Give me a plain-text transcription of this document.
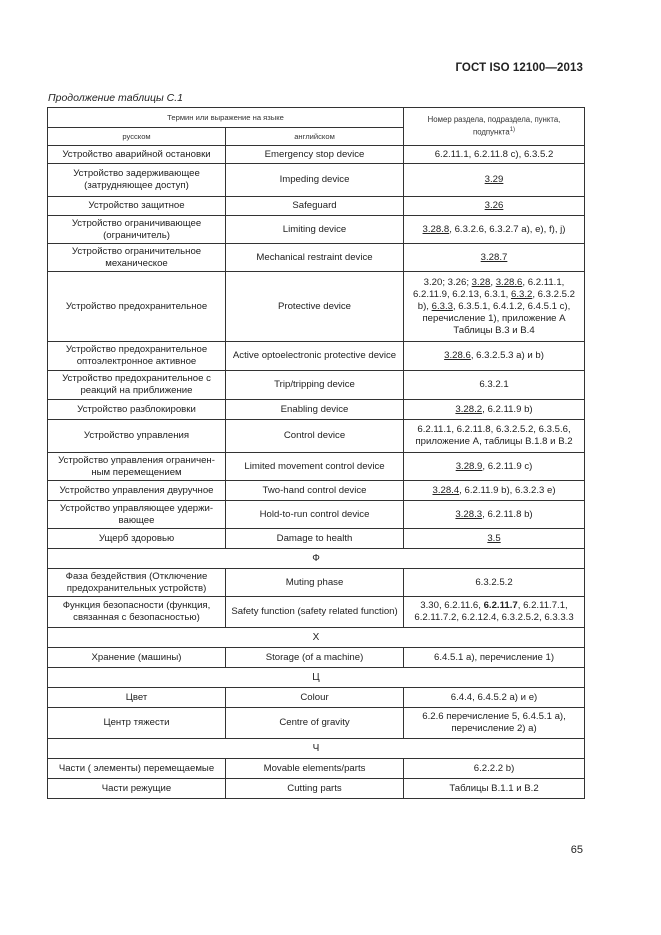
ГОСТ ISO 12100—2013
Продолжение таблицы С.1
Термин или выражение на языке		Номер раздела, подраздела, пункта, подпункта$^{1)}$
русском	английском	
Устройство аварийной остановки	Emergency stop device	6.2.11.1, 6.2.11.8 c), 6.3.5.2
Устройство задерживающее (затрудняющее доступ)	Impeding device	3.29
Устройство защитное	Safeguard	3.26
Устройство ограничивающее (ограничитель)	Limiting device	3.28.8, 6.3.2.6, 6.3.2.7 a), e), f), j)
Устройство ограничительное механическое	Mechanical restraint device	3.28.7
Устройство предохранительное	Protective device	3.20; 3.26; 3.28, 3.28.6, 6.2.11.1, 6.2.11.9, 6.2.13, 6.3.1, 6.3.2, 6.3.2.5.2 b), 6.3.3, 6.3.5.1, 6.4.1.2, 6.4.5.1 c), перечисление 1), приложение А Таблицы В.3 и В.4
Устройство предохранительное оптоэлектронное активное	Active optoelectronic protective device	3.28.6, 6.3.2.5.3 a) и b)
Устройство предохранительное с реакций на приближение	Trip/tripping device	6.3.2.1
Устройство разблокировки	Enabling device	3.28.2, 6.2.11.9 b)
Устройство управления	Control device	6.2.11.1, 6.2.11.8, 6.3.2.5.2, 6.3.5.6, приложение А, таблицы В.1.8 и В.2
Устройство управления ограничен-ным перемещением	Limited movement control device	3.28.9, 6.2.11.9 c)
Устройство управления двуручное	Two-hand control device	3.28.4, 6.2.11.9 b), 6.3.2.3 e)
Устройство управляющее удержи-вающее	Hold-to-run control device	3.28.3, 6.2.11.8 b)
Ущерб здоровью	Damage to health	3.5
Ф		
Фаза бездействия (Отключение предохранительных устройств)	Muting phase	6.3.2.5.2
Функция безопасности (функция, связанная с безопасностью)	Safety function (safety related function)	3.30, 6.2.11.6, 6.2.11.7, 6.2.11.7.1, 6.2.11.7.2, 6.2.12.4, 6.3.2.5.2, 6.3.3.3
Х		
Хранение (машины)	Storage (of a machine)	6.4.5.1 a), перечисление 1)
Ц		
Цвет	Colour	6.4.4, 6.4.5.2 a) и e)
Центр тяжести	Centre of gravity	6.2.6 перечисление 5, 6.4.5.1 a), перечисление 2) а)
Ч		
Части ( элементы) перемещаемые	Movable elements/parts	6.2.2.2 b)
Части режущие	Cutting parts	Таблицы В.1.1 и В.2
65
